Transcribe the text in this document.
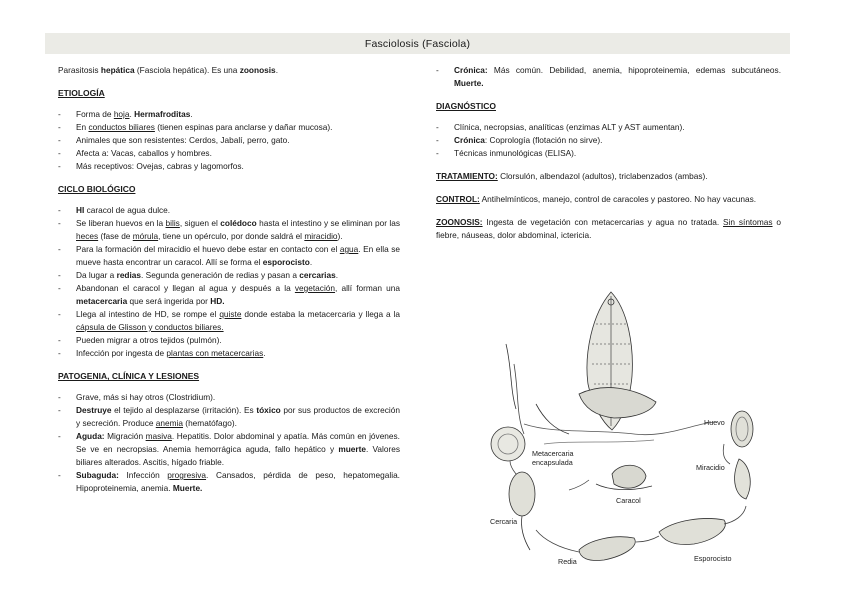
Fasciolosis (Fasciola)

Parasitosis hepática (Fasciola hepática). Es una zoonosis.

ETIOLOGÍA

- Forma de hoja. Hermafroditas.
- En conductos biliares (tienen espinas para anclarse y dañar mucosa).
- Animales que son resistentes: Cerdos, Jabalí, perro, gato.
- Afecta a: Vacas, caballos y hombres.
- Más receptivos: Ovejas, cabras y lagomorfos.

CICLO BIOLÓGICO

- HI caracol de agua dulce.
- Se liberan huevos en la bilis, siguen el colédoco hasta el intestino y se eliminan por las heces (fase de mórula, tiene un opérculo, por donde saldrá el miracidio).
- Para la formación del miracidio el huevo debe estar en contacto con el agua. En ella se mueve hasta encontrar un caracol. Allí se forma el esporocisto.
- Da lugar a redias. Segunda generación de redias y pasan a cercarias.
- Abandonan el caracol y llegan al agua y después a la vegetación, allí forman una metacercaria que será ingerida por HD.
- Llega al intestino de HD, se rompe el quiste donde estaba la metacercaria y llega a la cápsula de Glisson y conductos biliares.
- Pueden migrar a otros tejidos (pulmón).
- Infección por ingesta de plantas con metacercarias.

PATOGENIA, CLÍNICA Y LESIONES

- Grave, más si hay otros (Clostridium).
- Destruye el tejido al desplazarse (irritación). Es tóxico por sus productos de excreción y secreción. Produce anemia (hematófago).
- Aguda: Migración masiva. Hepatitis. Dolor abdominal y apatía. Más común en jóvenes. Se ve en necropsias. Anemia hemorrágica aguda, fallo hepático y muerte. Valores biliares alterados. Ascitis, hígado friable.
- Subaguda: Infección progresiva. Cansados, pérdida de peso, hepatomegalia. Hipoproteinemia, anemia. Muerte.
- Crónica: Más común. Debilidad, anemia, hipoproteinemia, edemas subcutáneos. Muerte.

DIAGNÓSTICO

- Clínica, necropsias, analíticas (enzimas ALT y AST aumentan).
- Crónica: Coprología (flotación no sirve).
- Técnicas inmunológicas (ELISA).

TRATAMIENTO: Clorsulón, albendazol (adultos), triclabenzados (ambas).

CONTROL: Antihelmínticos, manejo, control de caracoles y pastoreo. No hay vacunas.

ZOONOSIS: Ingesta de vegetación con metacercarias y agua no tratada. Sin síntomas o fiebre, náuseas, dolor abdominal, ictericia.

Huevo
Miracidio
Esporocisto
Redia
Cercaria
Caracol
Metacercaria
encapsulada
